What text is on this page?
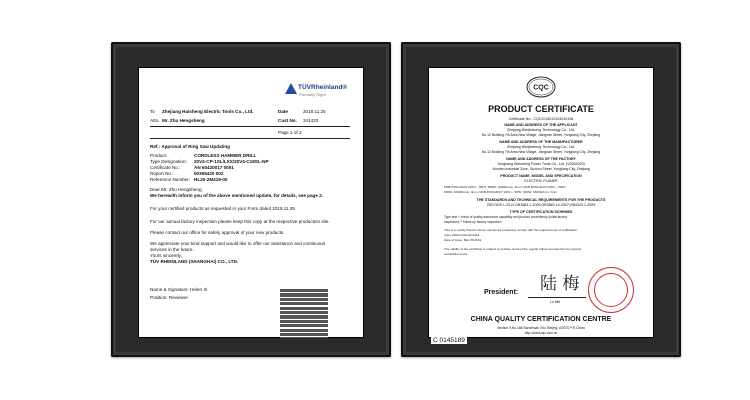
TÜVRheinland®
Precisely Right
To Zhejiang Haisheng Electric Tools Co., Ltd.
Attn. Mr. Zhu Hengsheng
Date	2018.11.25
Cust No. 341423
Page 1 of 2
Ref.: Approval of Ring Saw Updating
Product:	CORDLESS HAMMER DRILL
Type Designation: 20V4-CP-1SL/LXX/20V4-C18SL-NP
Certificate No.:	AN 50420017 0001
Report No.:	50365420 002
Reference Number: HL20-2M419-00
Dear Mr. Zhu Hengsheng,
We herewith inform you of the above mentioned update, for details, see page 2.
For your certified products as requested in your Form dated 2018.11.25
For our annual factory inspection please keep this copy at the respective production site.
Please contact our office for safety approval of your new products.
We appreciate your kind support and would like to offer our assistance and continuous
services in the future.
Yours sincerely,
TÜV RHEINLAND (SHANGHAI) CO., LTD.
Name & Signature: Helen Xi
Position: Reviewer
CQC
PRODUCT CERTIFICATE
Certificate No.: CQC2018010104010198
NAME AND ADDRESS OF THE APPLICANT
Zhejiang Weijiesheng Technology Co., Ltd.
No.12 Building 7th Area New Village, Jiangnan Street, Yongkang City, Zhejiang
NAME AND ADDRESS OF THE MANUFACTURER
Zhejiang Weijiesheng Technology Co., Ltd.
No.12 Building 7th Area New Village, Jiangnan Street, Yongkang City, Zhejiang
NAME AND ADDRESS OF THE FACTORY
Yongkang Weisheng Power Tools Co., Ltd. (V0054023)
Xiushan Industrial Zone, Guzhou Street, Yongkang City, Zhejiang
PRODUCT NAME, MODEL AND SPECIFICATION
ELECTRIC PLANER
M1B-RV01-82X2 220V~, 50Hz, 650W, 16000r/min, 2mm; M1B-RV01-82X3 220V~, 50Hz,
650W, 16000r/min, 3mm; M1B-RV03-82X7 220V~, 50Hz, 900W, 16000r/min, 3mm
THE STANDARDS AND TECHNICAL REQUIREMENTS FOR THE PRODUCTS
GB17625.1-2012;GB3883.1-2005;GB3883.14-2007;GB4343.1-2009
TYPE OF CERTIFICATION SCHEMES
Type test + check of quality assurance capability and product consistency (initial factory
inspection) + follow-up factory inspection
This is to certify that the above mentioned product(s) comply with the requirements of certification
rules CNCA-C01-02:2014
Date of issue: Mar 25,2019
The validity of the certificate is subject to positive result of the regular follow-up inspection by issuing
certification body.
President: 陆 梅
Lu Mei
CHINA QUALITY CERTIFICATION CENTRE
Section 9,No.188 Nansihuan Xilu, Beijing 100070 P.R.China
http://www.cqc.com.cn
C 0145189
